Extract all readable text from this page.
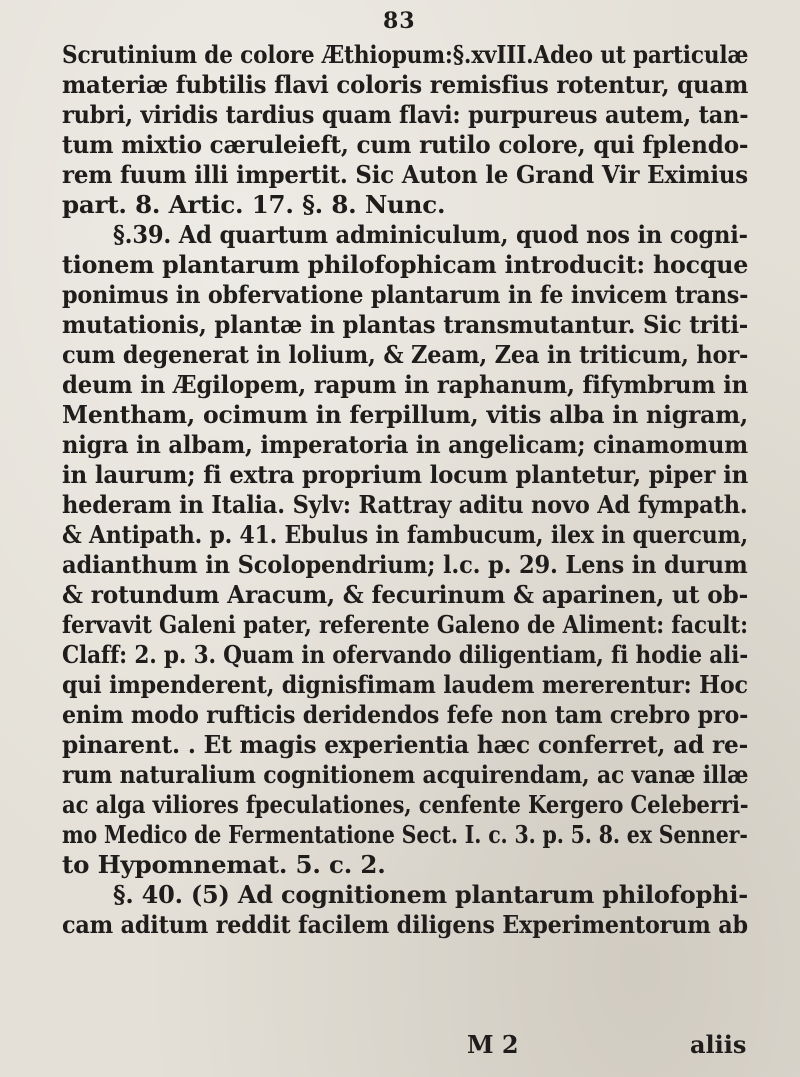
83
Scrutinium de colore Æthiopum:§.xvIII.Adeo ut particulæ
materiæ fubtilis flavi coloris remisfius rotentur, quam
rubri, viridis tardius quam flavi: purpureus autem, tan-
tum mixtio cæruleieft, cum rutilo colore, qui fplendo-
rem fuum illi impertit. Sic Auton le Grand Vir Eximius
part. 8. Artic. 17. §. 8. Nunc.
§.39. Ad quartum adminiculum, quod nos in cogni-
tionem plantarum philofophicam introducit: hocque
ponimus in obfervatione plantarum in fe invicem trans-
mutationis, plantæ in plantas transmutantur. Sic triti-
cum degenerat in lolium, & Zeam, Zea in triticum, hor-
deum in Ægilopem, rapum in raphanum, fifymbrum in
Mentham, ocimum in ferpillum, vitis alba in nigram,
nigra in albam, imperatoria in angelicam; cinamomum
in laurum; fi extra proprium locum plantetur, piper in
hederam in Italia. Sylv: Rattray aditu novo Ad fympath.
& Antipath. p. 41. Ebulus in fambucum, ilex in quercum,
adianthum in Scolopendrium; l.c. p. 29. Lens in durum
& rotundum Aracum, & fecurinum & aparinen, ut ob-
fervavit Galeni pater, referente Galeno de Aliment: facult:
Claff: 2. p. 3. Quam in ofervando diligentiam, fi hodie ali-
qui impenderent, dignisfimam laudem mererentur: Hoc
enim modo rufticis deridendos fefe non tam crebro pro-
pinarent. . Et magis experientia hæc conferret, ad re-
rum naturalium cognitionem acquirendam, ac vanæ illæ
ac alga viliores fpeculationes, cenfente Kergero Celeberri-
mo Medico de Fermentatione Sect. I. c. 3. p. 5. 8. ex Senner-
to Hypomnemat. 5. c. 2.
§. 40. (5) Ad cognitionem plantarum philofophi-
cam aditum reddit facilem diligens Experimentorum ab
M 2	aliis
